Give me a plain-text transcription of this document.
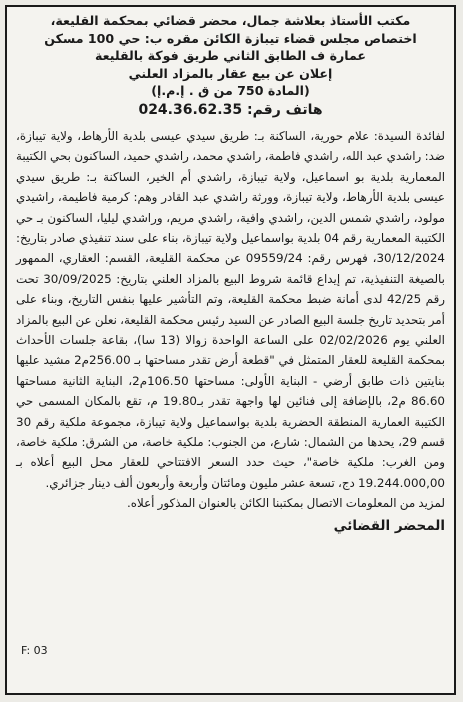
مكتب الأستاذ بعلاشة جمال، محضر قضائي بمحكمة القليعة،
اختصاص مجلس قضاء تيبازة الكائن مقره ب: حي 100 مسكن
عمارة ف الطابق الثاني طريق فوكة بالقليعة
إعلان عن بيع عقار بالمزاد العلني
(المادة 750 من ق . إ.م.إ)
هاتف رقم: 024.36.62.35

لفائدة السيدة: علام حورية، الساكنة بـ: طريق سيدي عيسى بلدية الأرهاط، ولاية تيبازة، ضد: راشدي عبد الله، راشدي فاطمة، راشدي محمد، راشدي حميد، الساكنون بحي الكتيبة المعمارية بلدية بو اسماعيل، ولاية تيبازة، راشدي أم الخير، الساكنة بـ: طريق سيدي عيسى بلدية الأرهاط، ولاية تيبازة، وورثة راشدي عبد القادر وهم: كرمية فاطيمة، راشيدي مولود، راشدي شمس الدين، راشدي وافية، راشدي مريم، وراشدي ليليا، الساكنون بـ حي الكتيبة المعمارية رقم 04 بلدية بواسماعيل ولاية تيبازة، بناء على سند تنفيذي صادر بتاريخ: 30/12/2024، فهرس رقم: 09559/24 عن محكمة القليعة، القسم: العقاري، الممهور بالصيغة التنفيذية، تم إيداع قائمة شروط البيع بالمزاد العلني بتاريخ: 30/09/2025 تحت رقم 42/25 لدى أمانة ضبط محكمة القليعة، وتم التأشير عليها بنفس التاريخ، وبناء على أمر بتحديد تاريخ جلسة البيع الصادر عن السيد رئيس محكمة القليعة، نعلن عن البيع بالمزاد العلني يوم 02/02/2026 على الساعة الواحدة زوالا (13 سا)، بقاعة جلسات الأحداث بمحكمة القليعة للعقار المتمثل في "قطعة أرض تقدر مساحتها بـ 256.00م2 مشيد عليها بنايتين ذات طابق أرضي - البناية الأولى: مساحتها 106.50م2، البناية الثانية مساحتها 86.60 م2، بالإضافة إلى فنائين لها واجهة تقدر بـ19.80 م، تقع بالمكان المسمى حي الكتيبة العمارية المنطقة الحضرية بلدية بواسماعيل ولاية تيبازة، مجموعة ملكية رقم 30 قسم 29، يحدها من الشمال: شارع، من الجنوب: ملكية خاصة، من الشرق: ملكية خاصة، ومن الغرب: ملكية خاصة"، حيث حدد السعر الافتتاحي للعقار محل البيع أعلاه بـ 19.244.000,00 دج، تسعة عشر مليون ومائتان وأربعة وأربعون ألف دينار جزائري.

لمزيد من المعلومات الاتصال بمكتبنا الكائن بالعنوان المذكور أعلاه.

المحضر القضائي
F: 03
